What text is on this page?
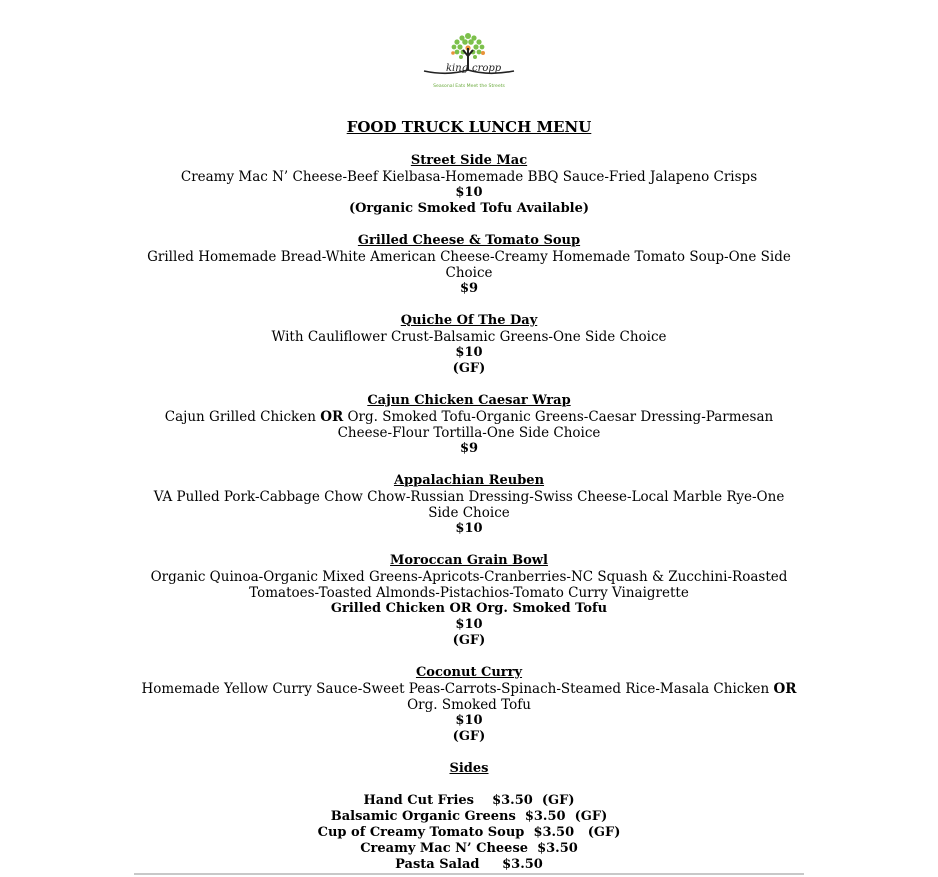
king cropp
Seasonal Eats Meet the Streets
FOOD TRUCK LUNCH MENU
Street Side Mac
Creamy Mac N’ Cheese-Beef Kielbasa-Homemade BBQ Sauce-Fried Jalapeno Crisps
$10
(Organic Smoked Tofu Available)
Grilled Cheese & Tomato Soup
Grilled Homemade Bread-White American Cheese-Creamy Homemade Tomato Soup-One Side Choice
$9
Quiche Of The Day
With Cauliflower Crust-Balsamic Greens-One Side Choice
$10
(GF)
Cajun Chicken Caesar Wrap
Cajun Grilled Chicken OR Org. Smoked Tofu-Organic Greens-Caesar Dressing-Parmesan Cheese-Flour Tortilla-One Side Choice
$9
Appalachian Reuben
VA Pulled Pork-Cabbage Chow Chow-Russian Dressing-Swiss Cheese-Local Marble Rye-One Side Choice
$10
Moroccan Grain Bowl
Organic Quinoa-Organic Mixed Greens-Apricots-Cranberries-NC Squash & Zucchini-Roasted Tomatoes-Toasted Almonds-Pistachios-Tomato Curry Vinaigrette
Grilled Chicken OR Org. Smoked Tofu
$10
(GF)
Coconut Curry
Homemade Yellow Curry Sauce-Sweet Peas-Carrots-Spinach-Steamed Rice-Masala Chicken OR Org. Smoked Tofu
$10
(GF)
Sides
Hand Cut Fries    $3.50  (GF)
Balsamic Organic Greens  $3.50  (GF)
Cup of Creamy Tomato Soup  $3.50   (GF)
Creamy Mac N’ Cheese  $3.50
Pasta Salad     $3.50
